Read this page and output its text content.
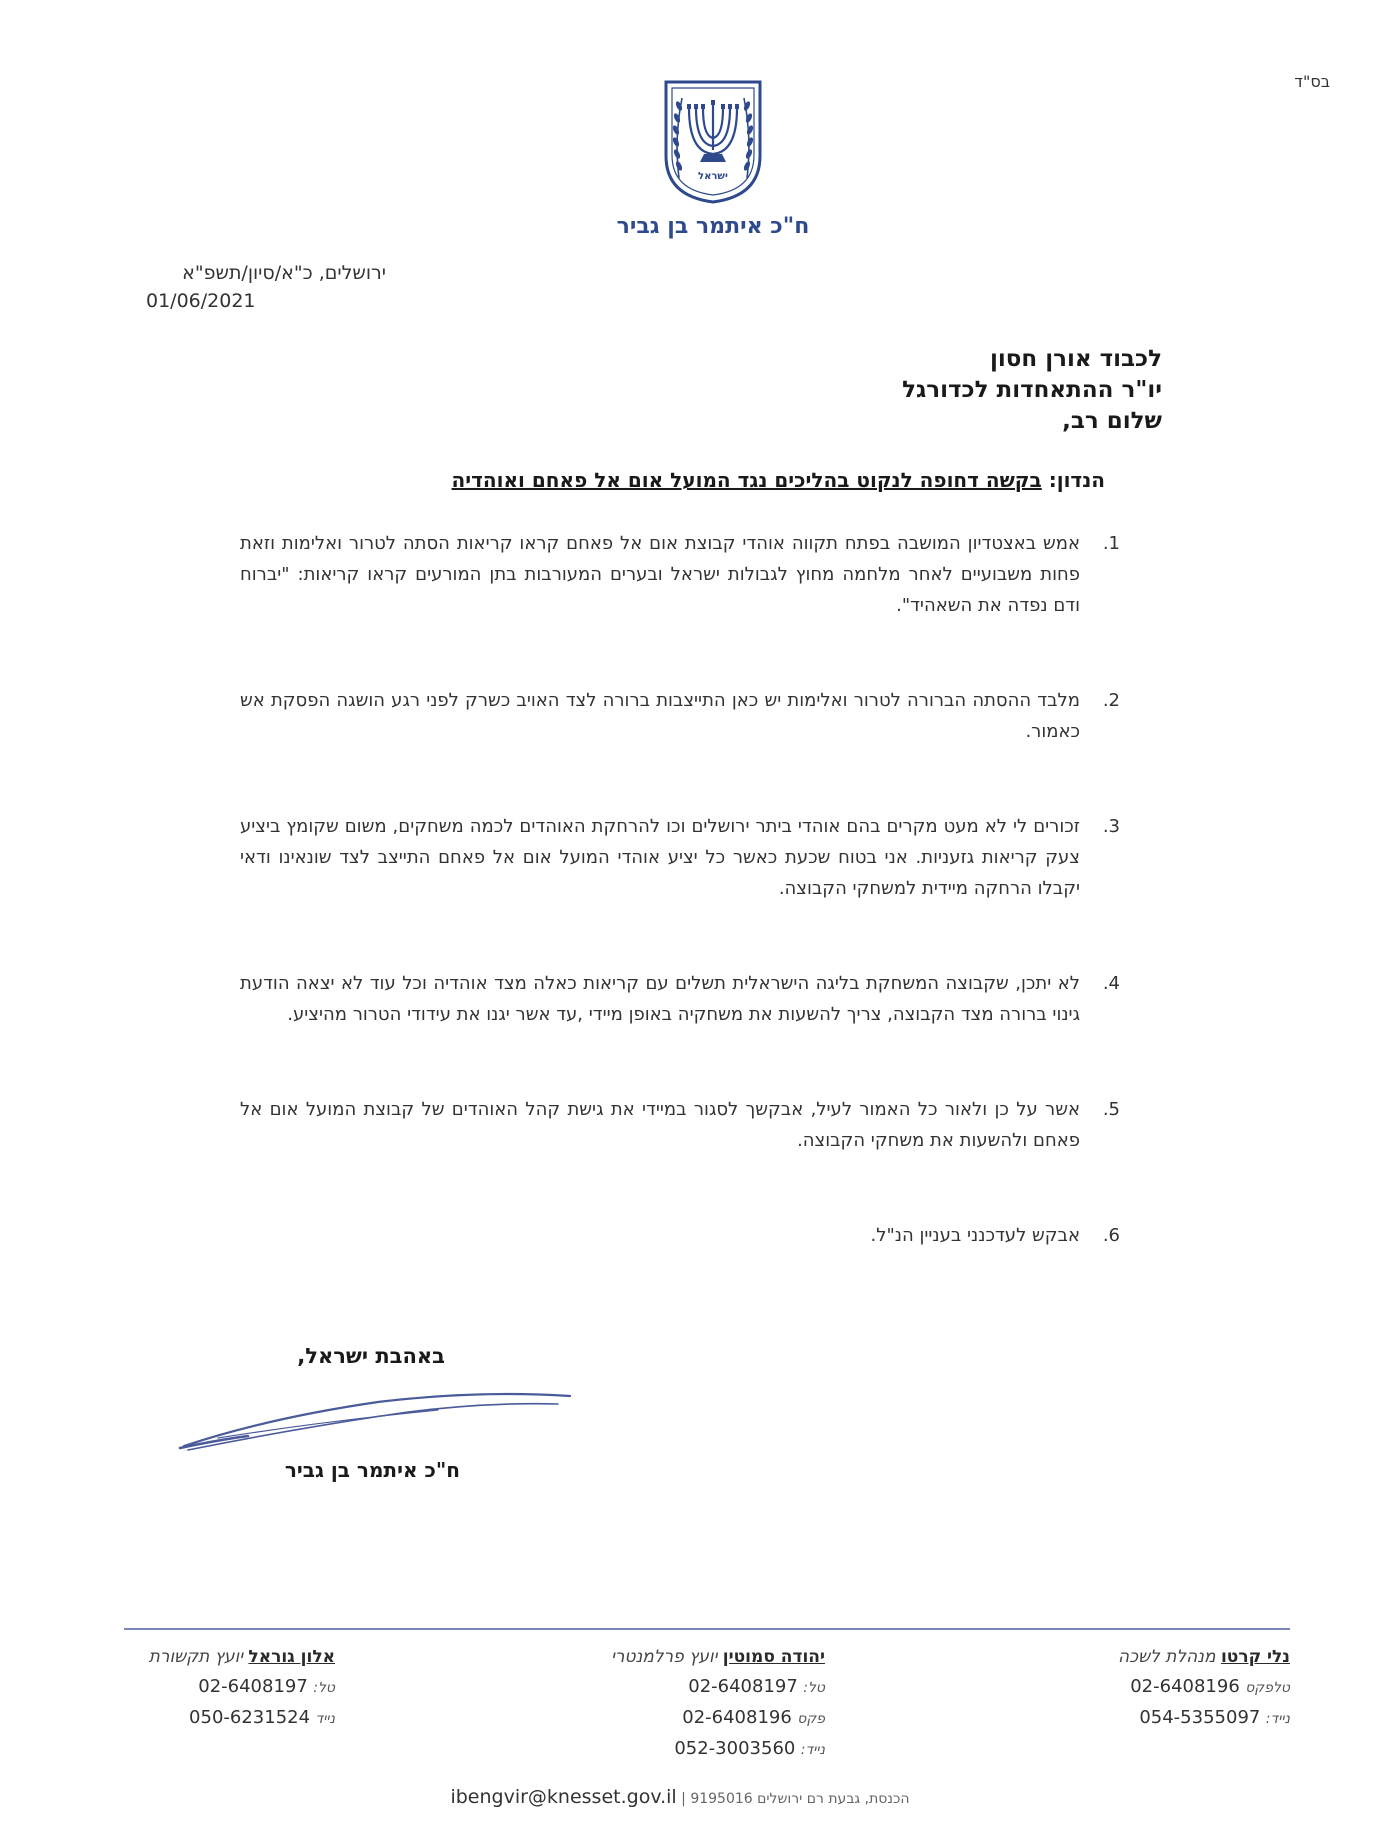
בס"ד
ישראל
ח"כ איתמר בן גביר
ירושלים, כ"א/סיון/תשפ"א
01/06/2021
לכבוד אורן חסון
יו"ר ההתאחדות לכדורגל
שלום רב,
הנדון: בקשה דחופה לנקוט בהליכים נגד המועל אום אל פאחם ואוהדיה
1.
אמש באצטדיון המושבה בפתח תקווה אוהדי קבוצת אום אל פאחם קראו קריאות הסתה לטרור ואלימות וזאת פחות משבועיים לאחר מלחמה מחוץ לגבולות ישראל ובערים המעורבות בתן המורעים קראו קריאות: "יברוח ודם נפדה את השאהיד".
2.
מלבד ההסתה הברורה לטרור ואלימות יש כאן התייצבות ברורה לצד האויב כשרק לפני רגע הושגה הפסקת אש כאמור.
3.
זכורים לי לא מעט מקרים בהם אוהדי ביתר ירושלים וכו להרחקת האוהדים לכמה משחקים, משום שקומץ ביציע צעק קריאות גזעניות. אני בטוח שכעת כאשר כל יציע אוהדי המועל אום אל פאחם התייצב לצד שונאינו ודאי יקבלו הרחקה מיידית למשחקי הקבוצה.
4.
לא יתכן, שקבוצה המשחקת בליגה הישראלית תשלים עם קריאות כאלה מצד אוהדיה וכל עוד לא יצאה הודעת גינוי ברורה מצד הקבוצה, צריך להשעות את משחקיה באופן מיידי ,עד אשר יגנו את עידודי הטרור מהיציע.
5.
אשר על כן ולאור כל האמור לעיל, אבקשך לסגור במיידי את גישת קהל האוהדים של קבוצת המועל אום אל פאחם ולהשעות את משחקי הקבוצה.
6.
אבקש לעדכנני בעניין הנ"ל.
באהבת ישראל,
ח"כ איתמר בן גביר
נלי קרטו מנהלת לשכה
טלפקס 02-6408196
נייד: 054-5355097
יהודה סמוטין יועץ פרלמנטרי
טל: 02-6408197
פקס 02-6408196
נייד: 052-3003560
אלון גוראל יועץ תקשורת
טל: 02-6408197
נייד 050-6231524
הכנסת, גבעת רם ירושלים 9195016 | ibengvir@knesset.gov.il
